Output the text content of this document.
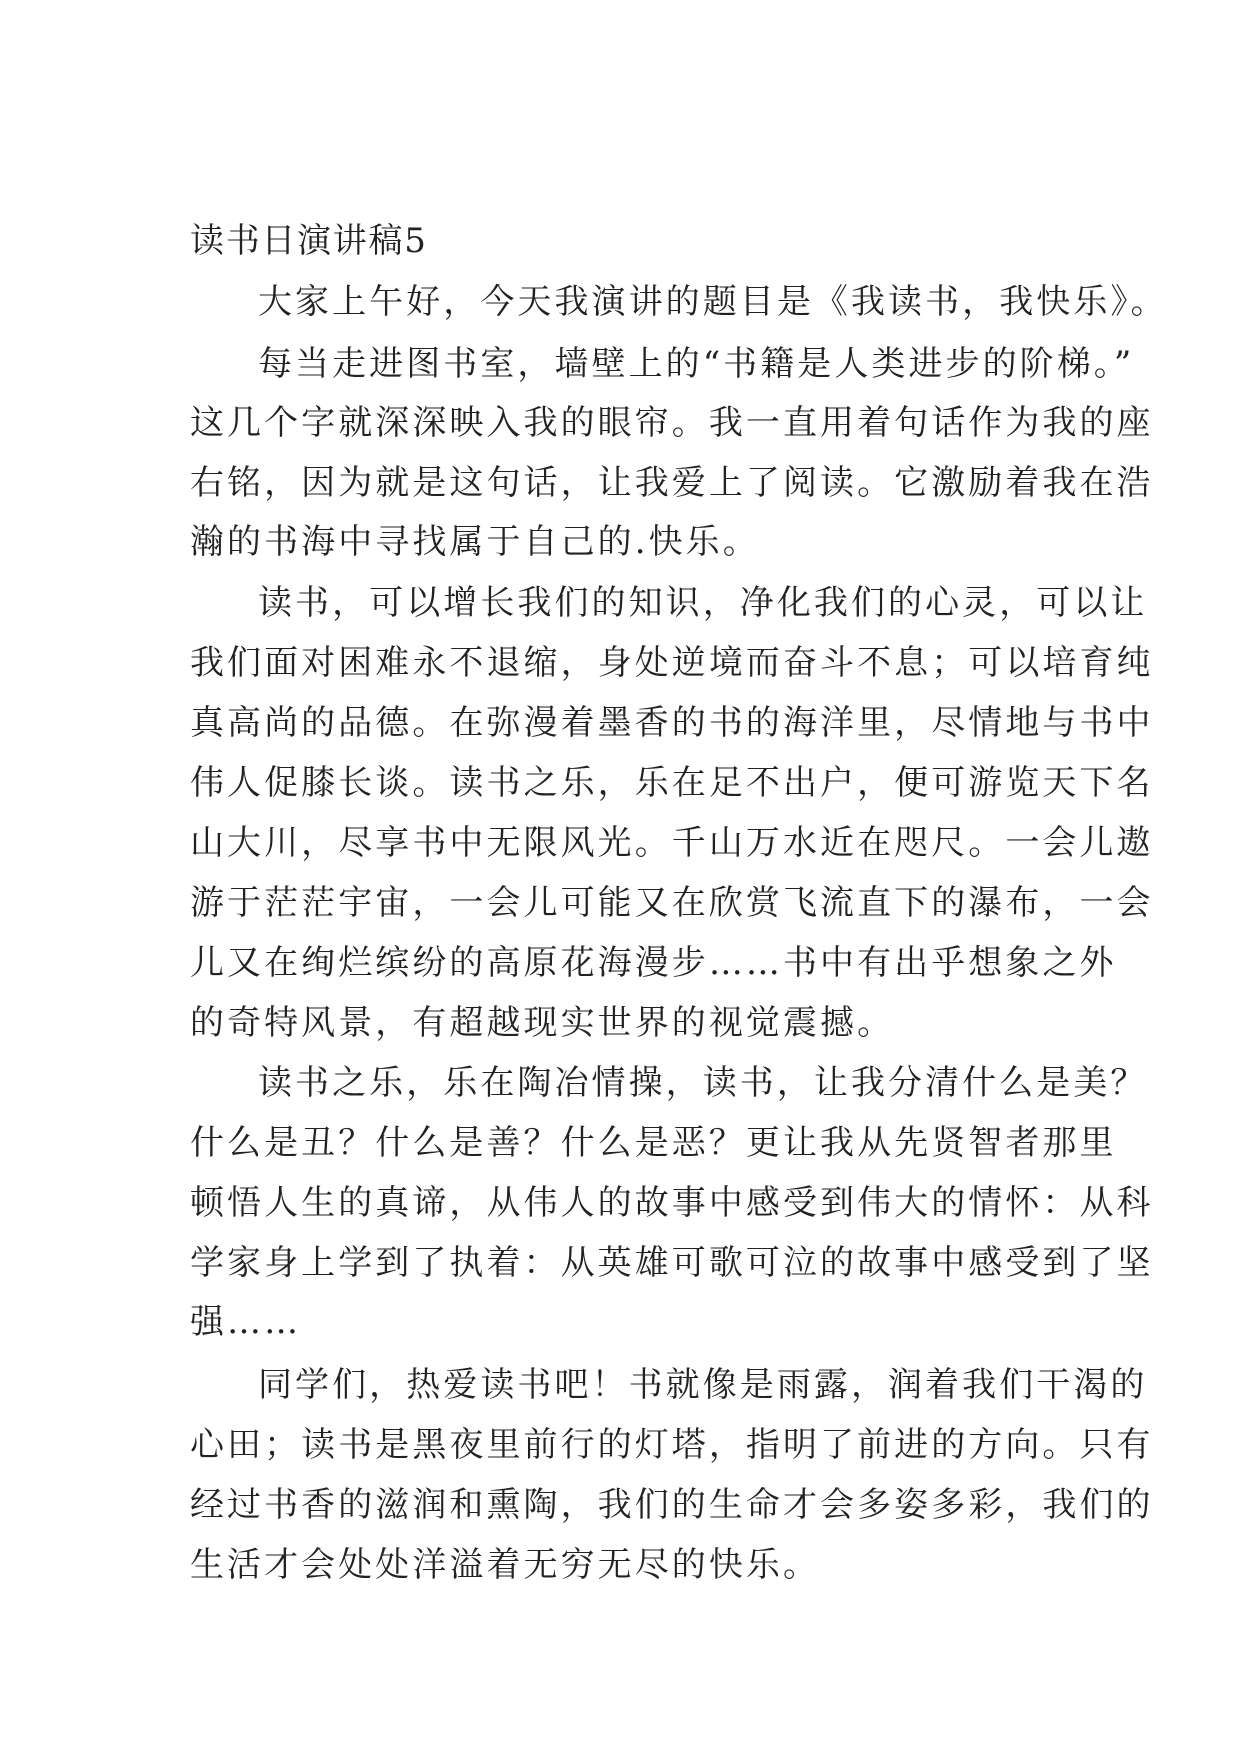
读书日演讲稿5
大家上午好，今天我演讲的题目是《我读书，我快乐》。
每当走进图书室，墙壁上的“书籍是人类进步的阶梯。”
这几个字就深深映入我的眼帘。我一直用着句话作为我的座
右铭，因为就是这句话，让我爱上了阅读。它激励着我在浩
瀚的书海中寻找属于自己的.快乐。
读书，可以增长我们的知识，净化我们的心灵，可以让
我们面对困难永不退缩，身处逆境而奋斗不息；可以培育纯
真高尚的品德。在弥漫着墨香的书的海洋里，尽情地与书中
伟人促膝长谈。读书之乐，乐在足不出户，便可游览天下名
山大川，尽享书中无限风光。千山万水近在咫尺。一会儿遨
游于茫茫宇宙，一会儿可能又在欣赏飞流直下的瀑布，一会
儿又在绚烂缤纷的高原花海漫步……书中有出乎想象之外
的奇特风景，有超越现实世界的视觉震撼。
读书之乐，乐在陶冶情操，读书，让我分清什么是美？
什么是丑？什么是善？什么是恶？更让我从先贤智者那里
顿悟人生的真谛，从伟人的故事中感受到伟大的情怀：从科
学家身上学到了执着：从英雄可歌可泣的故事中感受到了坚
强……
同学们，热爱读书吧！书就像是雨露，润着我们干渴的
心田；读书是黑夜里前行的灯塔，指明了前进的方向。只有
经过书香的滋润和熏陶，我们的生命才会多姿多彩，我们的
生活才会处处洋溢着无穷无尽的快乐。
